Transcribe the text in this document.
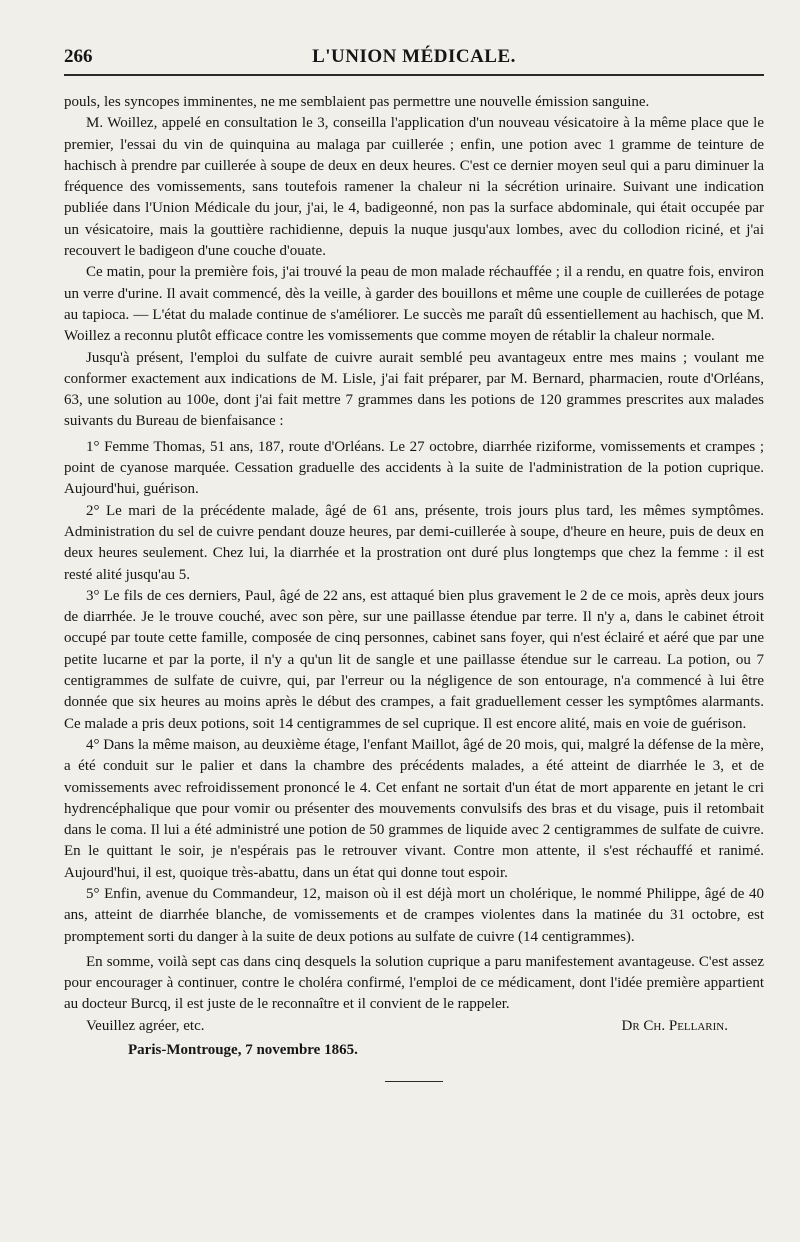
266	L'UNION MÉDICALE.

pouls, les syncopes imminentes, ne me semblaient pas permettre une nouvelle émission sanguine.

M. Woillez, appelé en consultation le 3, conseilla l'application d'un nouveau vésicatoire à la même place que le premier, l'essai du vin de quinquina au malaga par cuillerée ; enfin, une potion avec 1 gramme de teinture de hachisch à prendre par cuillerée à soupe de deux en deux heures. C'est ce dernier moyen seul qui a paru diminuer la fréquence des vomissements, sans toutefois ramener la chaleur ni la sécrétion urinaire. Suivant une indication publiée dans l'Union Médicale du jour, j'ai, le 4, badigeonné, non pas la surface abdominale, qui était occupée par un vésicatoire, mais la gouttière rachidienne, depuis la nuque jusqu'aux lombes, avec du collodion riciné, et j'ai recouvert le badigeon d'une couche d'ouate.

Ce matin, pour la première fois, j'ai trouvé la peau de mon malade réchauffée ; il a rendu, en quatre fois, environ un verre d'urine. Il avait commencé, dès la veille, à garder des bouillons et même une couple de cuillerées de potage au tapioca. — L'état du malade continue de s'améliorer. Le succès me paraît dû essentiellement au hachisch, que M. Woillez a reconnu plutôt efficace contre les vomissements que comme moyen de rétablir la chaleur normale.

Jusqu'à présent, l'emploi du sulfate de cuivre aurait semblé peu avantageux entre mes mains ; voulant me conformer exactement aux indications de M. Lisle, j'ai fait préparer, par M. Bernard, pharmacien, route d'Orléans, 63, une solution au 100e, dont j'ai fait mettre 7 grammes dans les potions de 120 grammes prescrites aux malades suivants du Bureau de bienfaisance :

1° Femme Thomas, 51 ans, 187, route d'Orléans. Le 27 octobre, diarrhée riziforme, vomissements et crampes ; point de cyanose marquée. Cessation graduelle des accidents à la suite de l'administration de la potion cuprique. Aujourd'hui, guérison.

2° Le mari de la précédente malade, âgé de 61 ans, présente, trois jours plus tard, les mêmes symptômes. Administration du sel de cuivre pendant douze heures, par demi-cuillerée à soupe, d'heure en heure, puis de deux en deux heures seulement. Chez lui, la diarrhée et la prostration ont duré plus longtemps que chez la femme : il est resté alité jusqu'au 5.

3° Le fils de ces derniers, Paul, âgé de 22 ans, est attaqué bien plus gravement le 2 de ce mois, après deux jours de diarrhée. Je le trouve couché, avec son père, sur une paillasse étendue par terre. Il n'y a, dans le cabinet étroit occupé par toute cette famille, composée de cinq personnes, cabinet sans foyer, qui n'est éclairé et aéré que par une petite lucarne et par la porte, il n'y a qu'un lit de sangle et une paillasse étendue sur le carreau. La potion, ou 7 centigrammes de sulfate de cuivre, qui, par l'erreur ou la négligence de son entourage, n'a commencé à lui être donnée que six heures au moins après le début des crampes, a fait graduellement cesser les symptômes alarmants. Ce malade a pris deux potions, soit 14 centigrammes de sel cuprique. Il est encore alité, mais en voie de guérison.

4° Dans la même maison, au deuxième étage, l'enfant Maillot, âgé de 20 mois, qui, malgré la défense de la mère, a été conduit sur le palier et dans la chambre des précédents malades, a été atteint de diarrhée le 3, et de vomissements avec refroidissement prononcé le 4. Cet enfant ne sortait d'un état de mort apparente en jetant le cri hydrencéphalique que pour vomir ou présenter des mouvements convulsifs des bras et du visage, puis il retombait dans le coma. Il lui a été administré une potion de 50 grammes de liquide avec 2 centigrammes de sulfate de cuivre. En le quittant le soir, je n'espérais pas le retrouver vivant. Contre mon attente, il s'est réchauffé et ranimé. Aujourd'hui, il est, quoique très-abattu, dans un état qui donne tout espoir.

5° Enfin, avenue du Commandeur, 12, maison où il est déjà mort un cholérique, le nommé Philippe, âgé de 40 ans, atteint de diarrhée blanche, de vomissements et de crampes violentes dans la matinée du 31 octobre, est promptement sorti du danger à la suite de deux potions au sulfate de cuivre (14 centigrammes).

En somme, voilà sept cas dans cinq desquels la solution cuprique a paru manifestement avantageuse. C'est assez pour encourager à continuer, contre le choléra confirmé, l'emploi de ce médicament, dont l'idée première appartient au docteur Burcq, il est juste de le reconnaître et il convient de le rappeler.

Veuillez agréer, etc.	Dr Ch. Pellarin.
Paris-Montrouge, 7 novembre 1865.
